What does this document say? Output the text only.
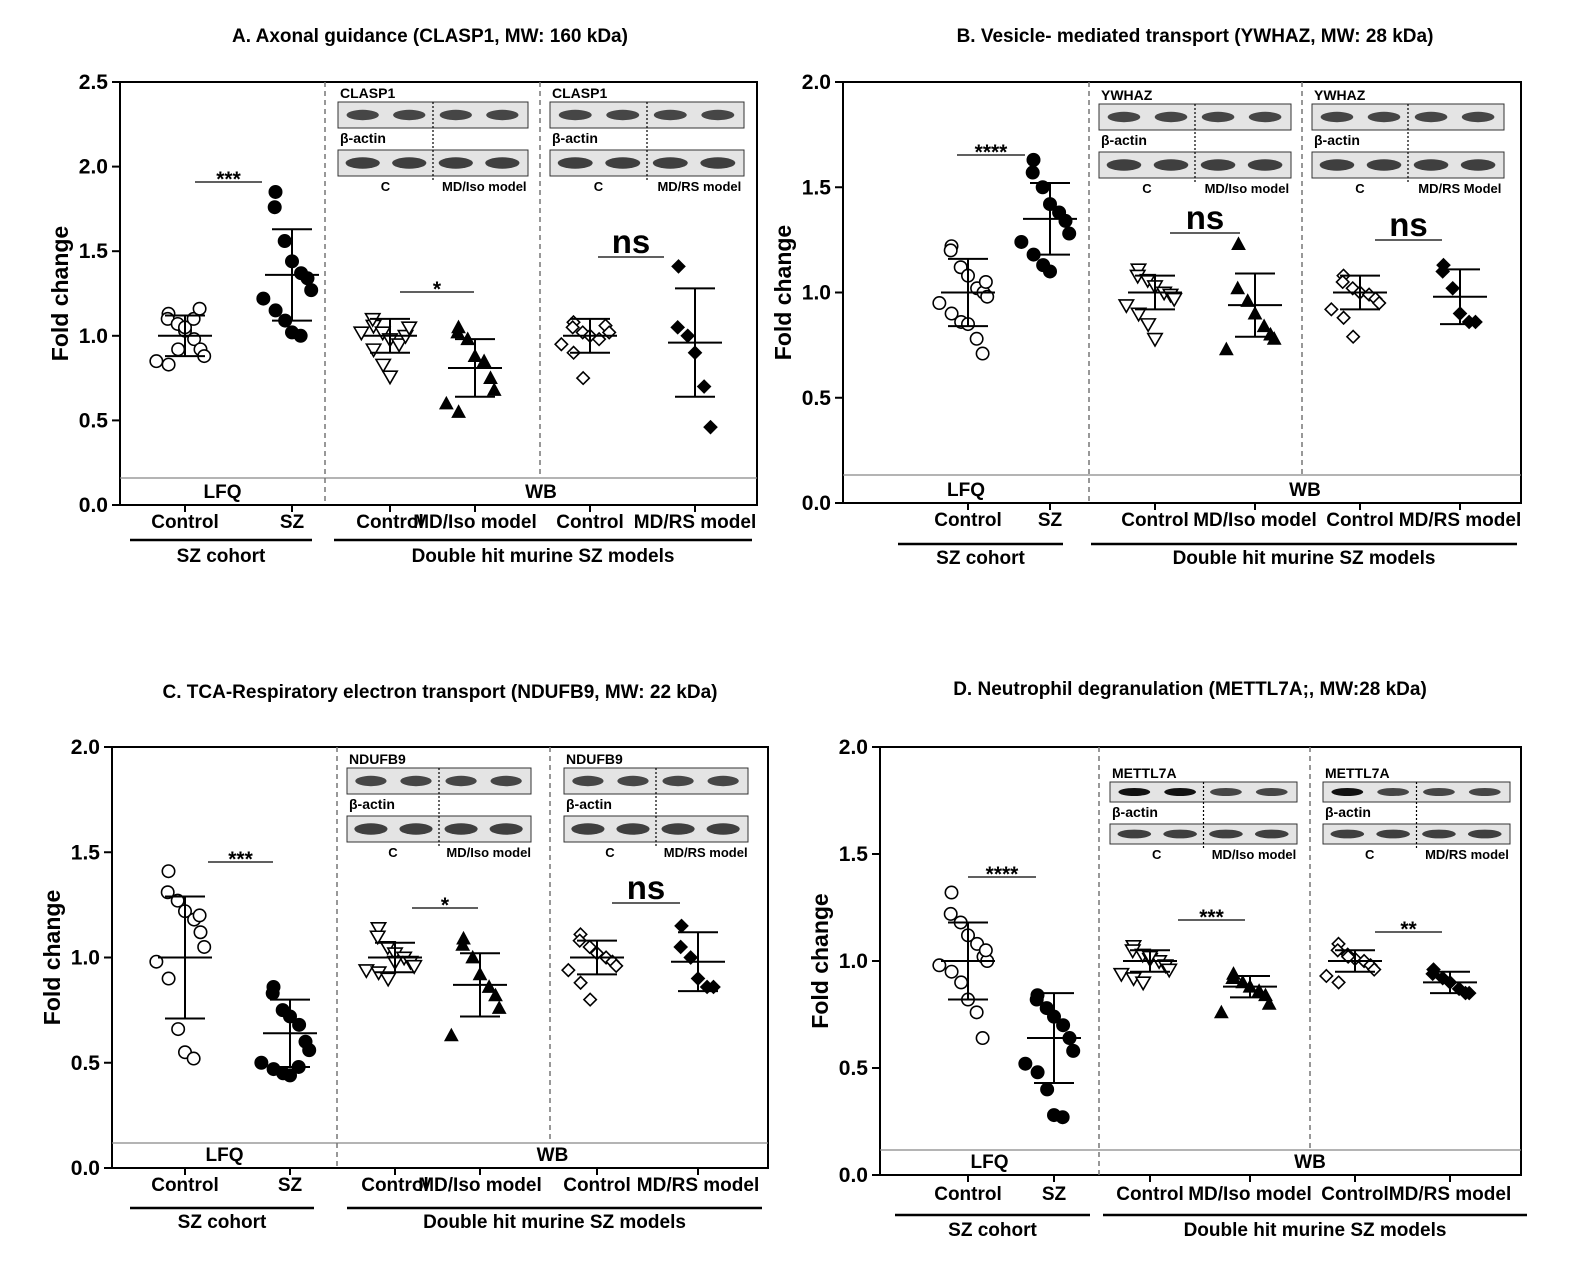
A. Axonal guidance (CLASP1, MW: 160 kDa)
LFQ	WB
0.0
0.5
1.0
1.5
2.0
2.5
Fold change
Control	SZ	Control
MD/Iso model Control MD/RS model
SZ cohort	Double hit murine SZ models
***
*
ns
CLASP1
β-actin
C	MD/Iso model
CLASP1
β-actin
C	MD/RS model
B. Vesicle- mediated transport (YWHAZ, MW: 28 kDa)
LFQ	WB
0.0
0.5
1.0
1.5
2.0
Fold change
Control SZ	Control MD/Iso model Control MD/RS model
SZ cohort	Double hit murine SZ models
****
ns	ns
YWHAZ
β-actin
C	MD/Iso model
YWHAZ
β-actin
C	MD/RS Model
C. TCA-Respiratory electron transport (NDUFB9, MW: 22 kDa)
LFQ	WB
0.0
0.5
1.0
1.5
2.0
Fold change
Control	SZ	Control
MD/Iso model Control MD/RS model
SZ cohort	Double hit murine SZ models
***
*	ns
NDUFB9
β-actin
C	MD/Iso model
NDUFB9
β-actin
C	MD/RS model
D. Neutrophil degranulation (METTL7A;, MW:28 kDa)
LFQ	WB
0.0
0.5
1.0
1.5
2.0
Fold change
Control SZ	Control MD/Iso model Control MD/RS model
SZ cohort	Double hit murine SZ models
****
***
**
METTL7A
β-actin
C	MD/Iso model
METTL7A
β-actin
C	MD/RS model
